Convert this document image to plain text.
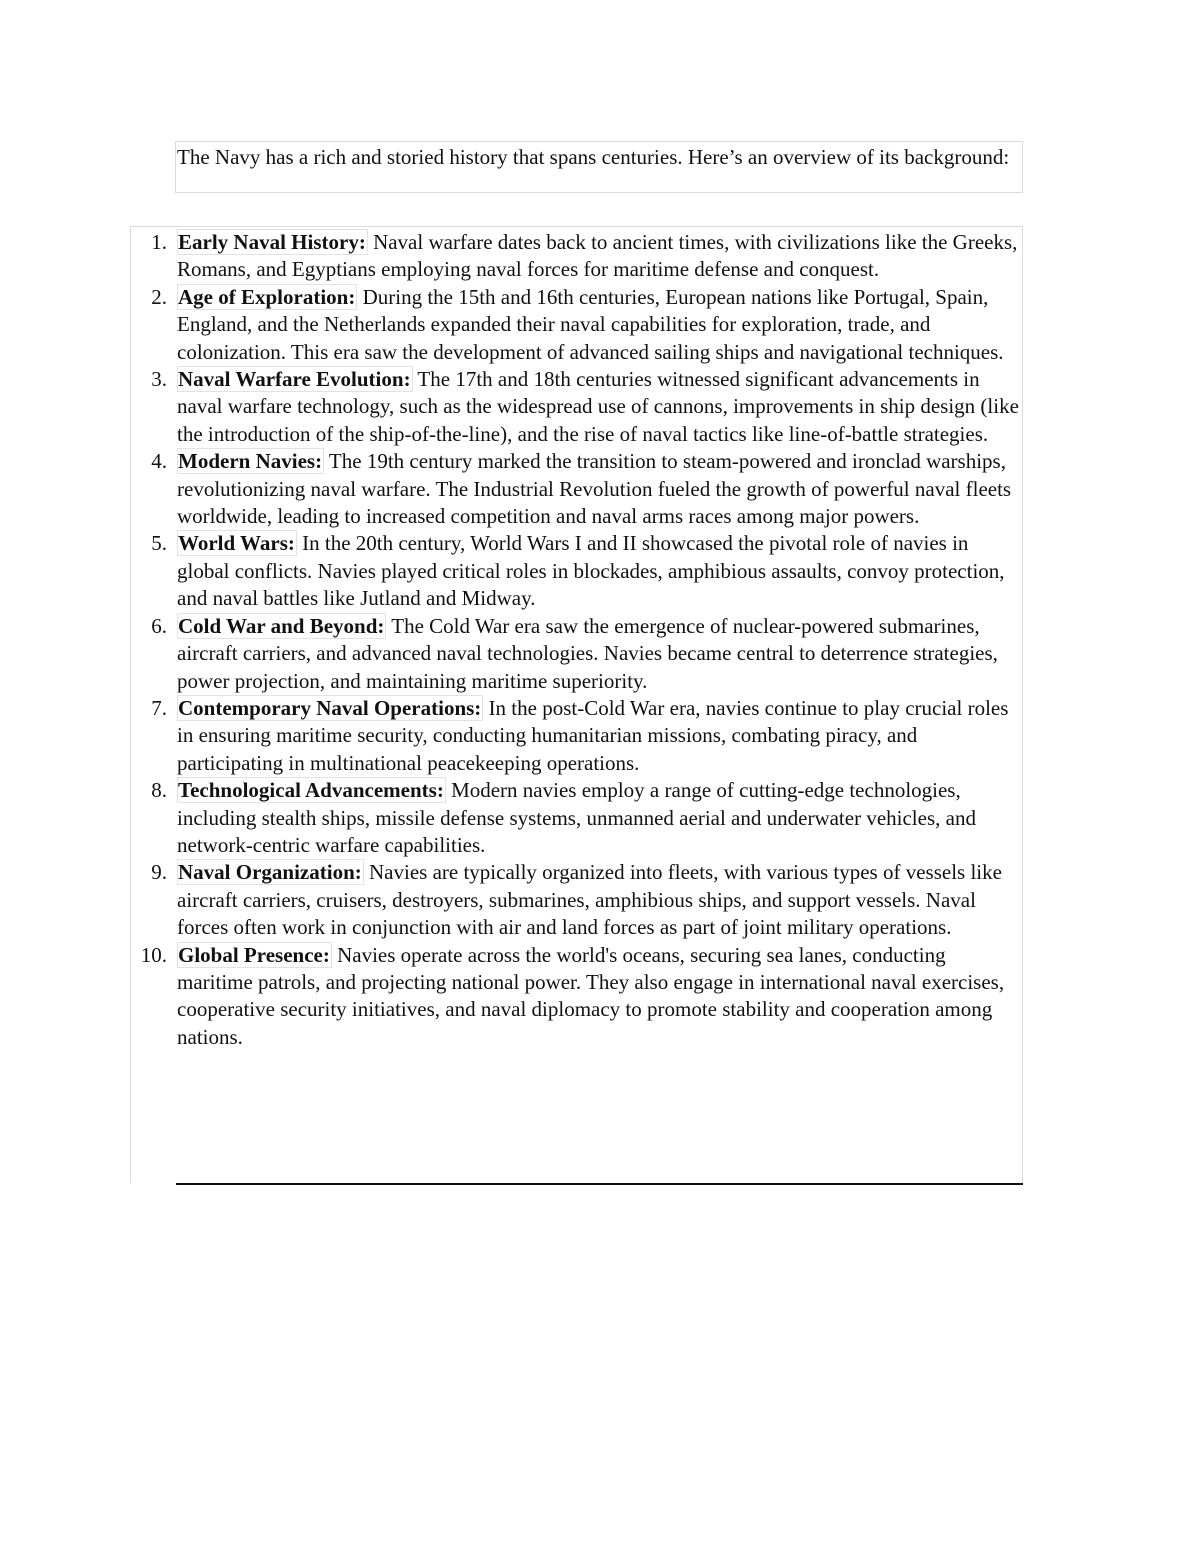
The Navy has a rich and storied history that spans centuries. Here’s an overview of its background:
1. Early Naval History: Naval warfare dates back to ancient times, with civilizations like the Greeks, Romans, and Egyptians employing naval forces for maritime defense and conquest.
2. Age of Exploration: During the 15th and 16th centuries, European nations like Portugal, Spain, England, and the Netherlands expanded their naval capabilities for exploration, trade, and colonization. This era saw the development of advanced sailing ships and navigational techniques.
3. Naval Warfare Evolution: The 17th and 18th centuries witnessed significant advancements in naval warfare technology, such as the widespread use of cannons, improvements in ship design (like the introduction of the ship-of-the-line), and the rise of naval tactics like line-of-battle strategies.
4. Modern Navies: The 19th century marked the transition to steam-powered and ironclad warships, revolutionizing naval warfare. The Industrial Revolution fueled the growth of powerful naval fleets worldwide, leading to increased competition and naval arms races among major powers.
5. World Wars: In the 20th century, World Wars I and II showcased the pivotal role of navies in global conflicts. Navies played critical roles in blockades, amphibious assaults, convoy protection, and naval battles like Jutland and Midway.
6. Cold War and Beyond: The Cold War era saw the emergence of nuclear-powered submarines, aircraft carriers, and advanced naval technologies. Navies became central to deterrence strategies, power projection, and maintaining maritime superiority.
7. Contemporary Naval Operations: In the post-Cold War era, navies continue to play crucial roles in ensuring maritime security, conducting humanitarian missions, combating piracy, and participating in multinational peacekeeping operations.
8. Technological Advancements: Modern navies employ a range of cutting-edge technologies, including stealth ships, missile defense systems, unmanned aerial and underwater vehicles, and network-centric warfare capabilities.
9. Naval Organization: Navies are typically organized into fleets, with various types of vessels like aircraft carriers, cruisers, destroyers, submarines, amphibious ships, and support vessels. Naval forces often work in conjunction with air and land forces as part of joint military operations.
10. Global Presence: Navies operate across the world's oceans, securing sea lanes, conducting maritime patrols, and projecting national power. They also engage in international naval exercises, cooperative security initiatives, and naval diplomacy to promote stability and cooperation among nations.
